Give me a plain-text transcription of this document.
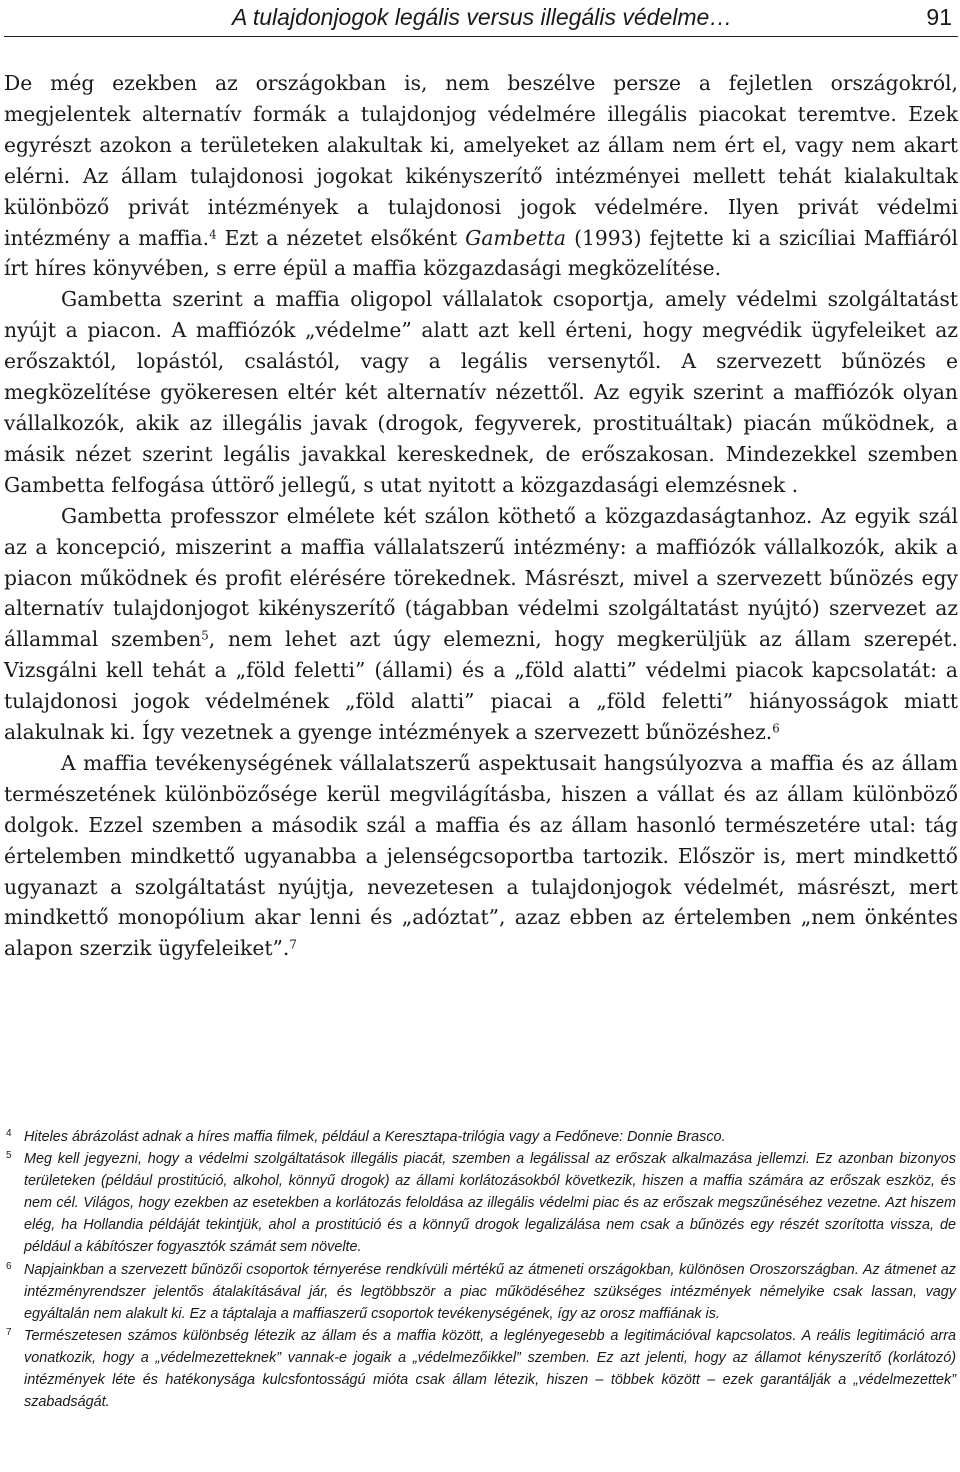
A tulajdonjogok legális versus illegális védelme…	91

De még ezekben az országokban is, nem beszélve persze a fejletlen országokról, megjelentek alternatív formák a tulajdonjog védelmére illegális piacokat teremtve. Ezek egyrészt azokon a területeken alakultak ki, amelyeket az állam nem ért el, vagy nem akart elérni. Az állam tulajdonosi jogokat kikényszerítő intézményei mellett tehát kialakultak különböző privát intézmények a tulajdonosi jogok védelmére. Ilyen privát védelmi intézmény a maffia.$^4$ Ezt a nézetet elsőként Gambetta (1993) fejtette ki a szicíliai Maffiáról írt híres könyvében, s erre épül a maffia közgazdasági megközelítése.

Gambetta szerint a maffia oligopol vállalatok csoportja, amely védelmi szolgáltatást nyújt a piacon. A maffiózók „védelme” alatt azt kell érteni, hogy megvédik ügyfeleiket az erőszaktól, lopástól, csalástól, vagy a legális versenytől. A szervezett bűnözés e megközelítése gyökeresen eltér két alternatív nézettől. Az egyik szerint a maffiózók olyan vállalkozók, akik az illegális javak (drogok, fegyverek, prostituáltak) piacán működnek, a másik nézet szerint legális javakkal kereskednek, de erőszakosan. Mindezekkel szemben Gambetta felfogása úttörő jellegű, s utat nyitott a közgazdasági elemzésnek .

Gambetta professzor elmélete két szálon köthető a közgazdaságtanhoz. Az egyik szál az a koncepció, miszerint a maffia vállalatszerű intézmény: a maffiózók vállalkozók, akik a piacon működnek és profit elérésére törekednek. Másrészt, mivel a szervezett bűnözés egy alternatív tulajdonjogot kikényszerítő (tágabban védelmi szolgáltatást nyújtó) szervezet az állammal szemben$^5$, nem lehet azt úgy elemezni, hogy megkerüljük az állam szerepét. Vizsgálni kell tehát a „föld feletti” (állami) és a „föld alatti” védelmi piacok kapcsolatát: a tulajdonosi jogok védelmének „föld alatti” piacai a „föld feletti” hiányosságok miatt alakulnak ki. Így vezetnek a gyenge intézmények a szervezett bűnözéshez.$^6$

A maffia tevékenységének vállalatszerű aspektusait hangsúlyozva a maffia és az állam természetének különbözősége kerül megvilágításba, hiszen a vállat és az állam különböző dolgok. Ezzel szemben a második szál a maffia és az állam hasonló természetére utal: tág értelemben mindkettő ugyanabba a jelenségcsoportba tartozik. Először is, mert mindkettő ugyanazt a szolgáltatást nyújtja, nevezetesen a tulajdonjogok védelmét, másrészt, mert mindkettő monopólium akar lenni és „adóztat”, azaz ebben az értelemben „nem önkéntes alapon szerzik ügyfeleiket”.$^7$

4 Hiteles ábrázolást adnak a híres maffia filmek, például a Keresztapa-trilógia vagy a Fedőneve: Donnie Brasco.

5 Meg kell jegyezni, hogy a védelmi szolgáltatások illegális piacát, szemben a legálissal az erőszak alkalmazása jellemzi. Ez azonban bizonyos területeken (például prostitúció, alkohol, könnyű drogok) az állami korlátozásokból következik, hiszen a maffia számára az erőszak eszköz, és nem cél. Világos, hogy ezekben az esetekben a korlátozás feloldása az illegális védelmi piac és az erőszak megszűnéséhez vezetne. Azt hiszem elég, ha Hollandia példáját tekintjük, ahol a prostitúció és a könnyű drogok legalizálása nem csak a bűnözés egy részét szorította vissza, de például a kábítószer fogyasztók számát sem növelte.

6 Napjainkban a szervezett bűnözői csoportok térnyerése rendkívüli mértékű az átmeneti országokban, különösen Oroszországban. Az átmenet az intézményrendszer jelentős átalakításával jár, és legtöbbször a piac működéséhez szükséges intézmények némelyike csak lassan, vagy egyáltalán nem alakult ki. Ez a táptalaja a maffiaszerű csoportok tevékenységének, így az orosz maffiának is.

7 Természetesen számos különbség létezik az állam és a maffia között, a leglényegesebb a legitimációval kapcsolatos. A reális legitimáció arra vonatkozik, hogy a „védelmezetteknek” vannak-e jogaik a „védelmezőikkel” szemben. Ez azt jelenti, hogy az államot kényszerítő (korlátozó) intézmények léte és hatékonysága kulcsfontosságú mióta csak állam létezik, hiszen – többek között – ezek garantálják a „védelmezettek” szabadságát.
